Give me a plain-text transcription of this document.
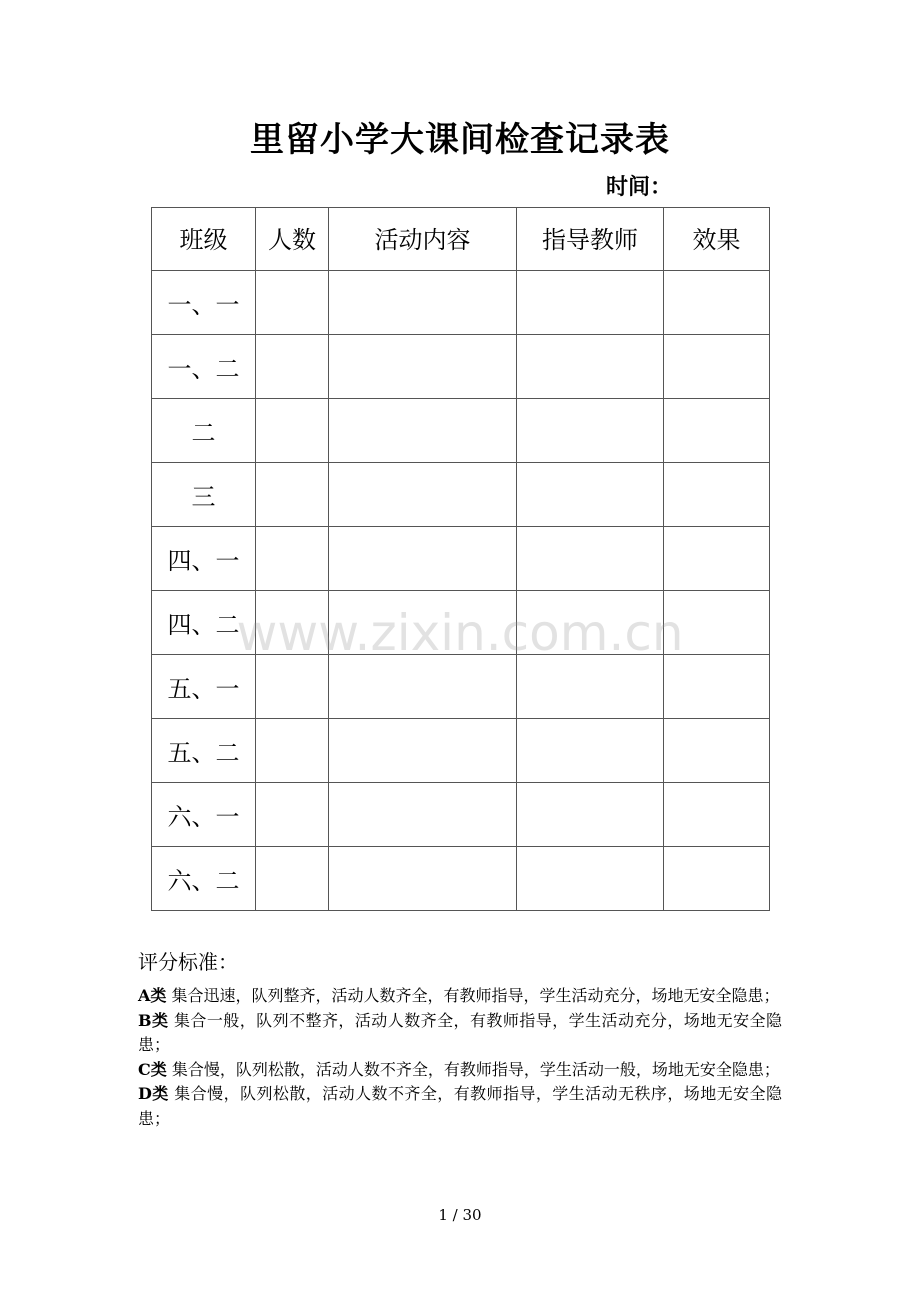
里留小学大课间检查记录表
时间：
班级	人数	活动内容	指导教师	效果
一、一				
一、二				
二				
三				
四、一				
四、二				
五、一				
五、二				
六、一				
六、二				
www.zixin.com.cn
评分标准：

A类 集合迅速，队列整齐，活动人数齐全，有教师指导，学生活动充分，场地无安全隐患；

B类 集合一般，队列不整齐，活动人数齐全，有教师指导，学生活动充分，场地无安全隐患；

C类 集合慢，队列松散，活动人数不齐全，有教师指导，学生活动一般，场地无安全隐患；

D类 集合慢，队列松散，活动人数不齐全，有教师指导，学生活动无秩序，场地无安全隐患；

1 / 30
